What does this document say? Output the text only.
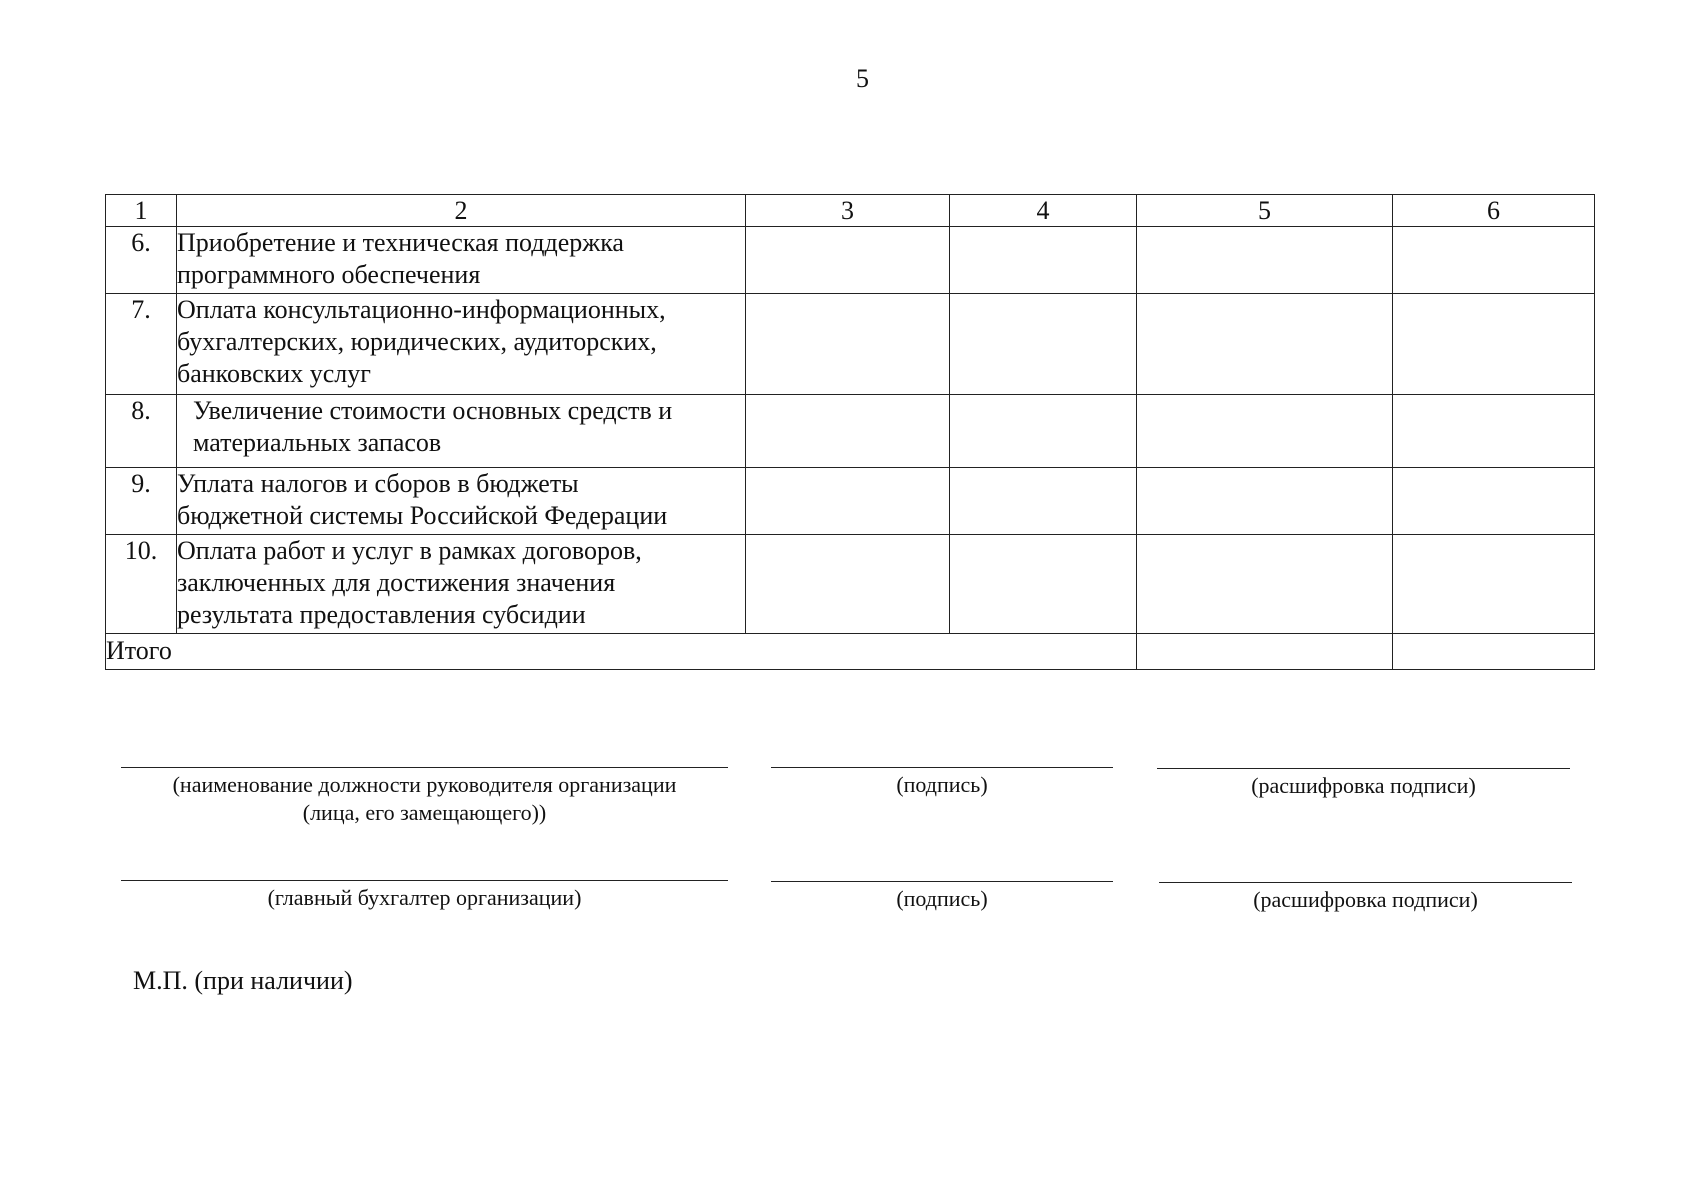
5
1	2	3	4	5	6
6.	Приобретение и техническая поддержка
программного обеспечения				

7.	Оплата консультационно-информационных,
бухгалтерских, юридических, аудиторских,
банковских услуг				

8.	Увеличение стоимости основных средств и
материальных запасов				

9.	Уплата налогов и сборов в бюджеты
бюджетной системы Российской Федерации				

10.	Оплата работ и услуг в рамках договоров,
заключенных для достижения значения
результата предоставления субсидии				

Итого					
(наименование должности руководителя организации
(лица, его замещающего))
(подпись)	(расшифровка подписи)
(главный бухгалтер организации)	(подпись)	(расшифровка подписи)
М.П. (при наличии)
